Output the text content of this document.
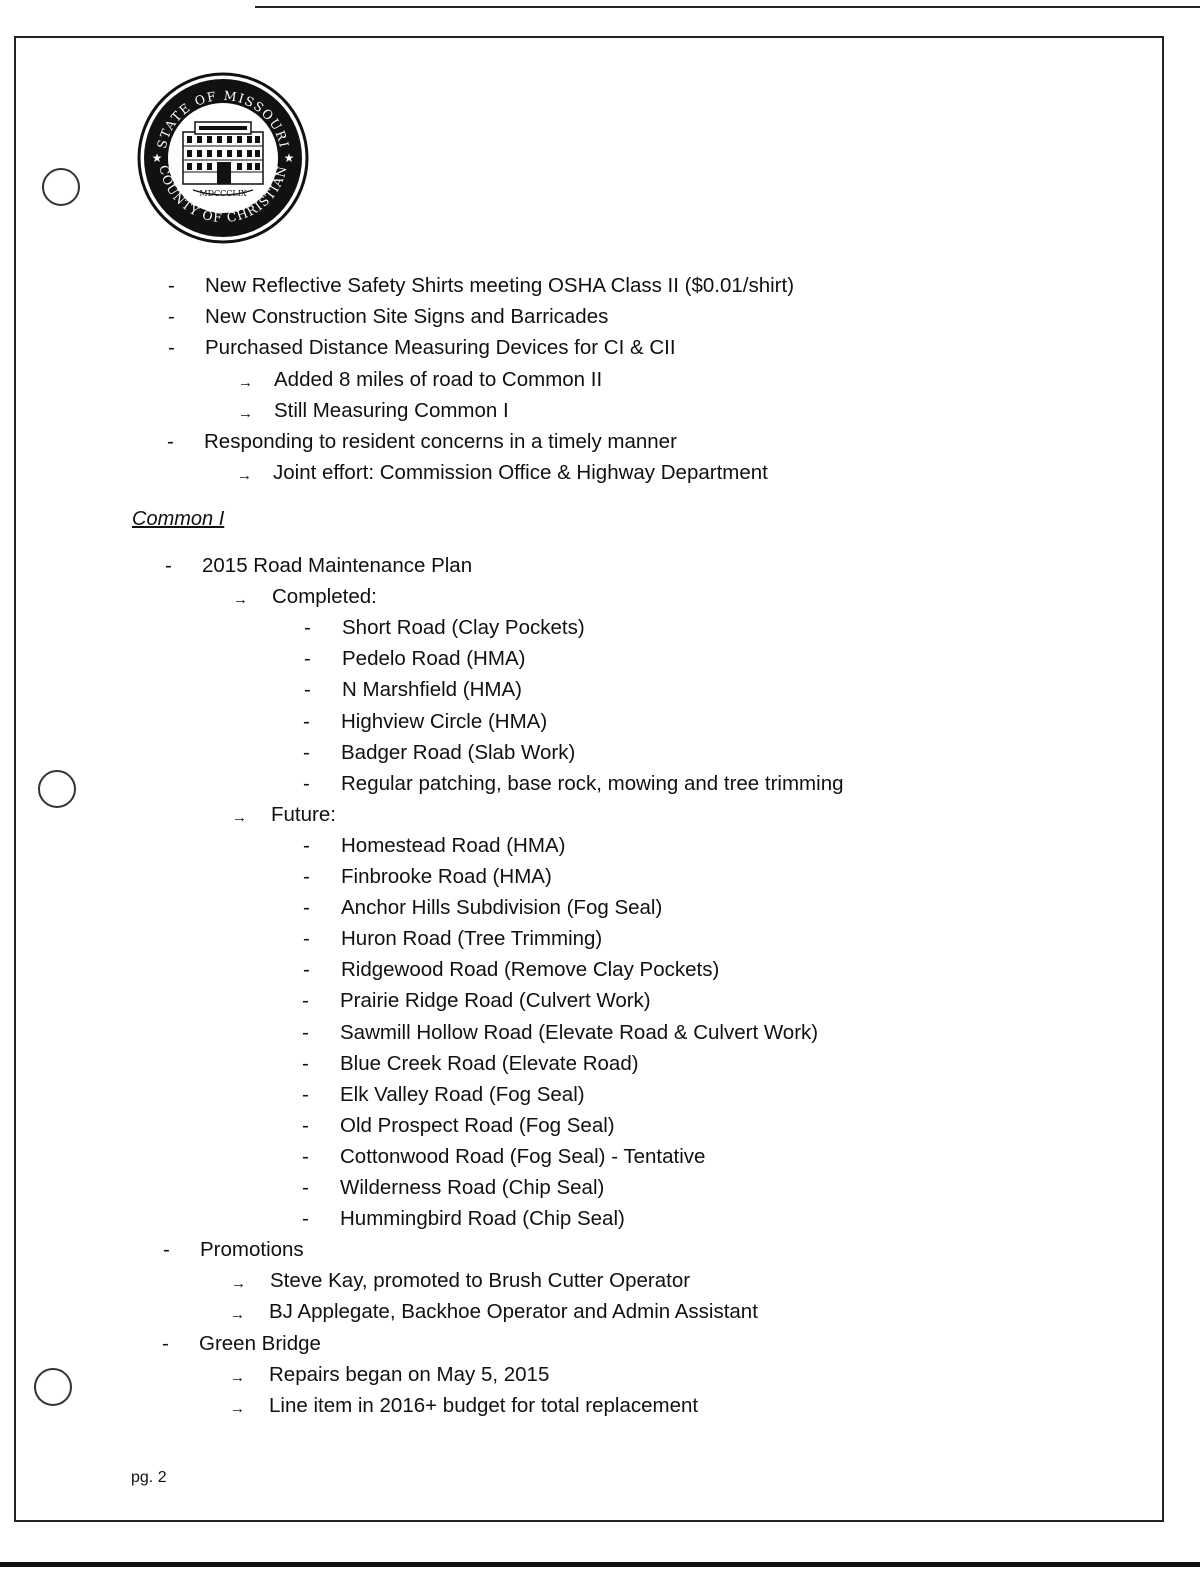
STATE OF MISSOURI
COUNTY OF CHRISTIAN
★	★
MDCCCLIX
- New Reflective Safety Shirts meeting OSHA Class II ($0.01/shirt)
- New Construction Site Signs and Barricades
- Purchased Distance Measuring Devices for CI & CII
→ Added 8 miles of road to Common II
→ Still Measuring Common I
- Responding to resident concerns in a timely manner
→ Joint effort: Commission Office & Highway Department
Common I
- 2015 Road Maintenance Plan
→ Completed:
- Short Road (Clay Pockets)
- Pedelo Road (HMA)
- N Marshfield (HMA)
- Highview Circle (HMA)
- Badger Road (Slab Work)
- Regular patching, base rock, mowing and tree trimming
→ Future:
- Homestead Road (HMA)
- Finbrooke Road (HMA)
- Anchor Hills Subdivision (Fog Seal)
- Huron Road (Tree Trimming)
- Ridgewood Road (Remove Clay Pockets)
- Prairie Ridge Road (Culvert Work)
- Sawmill Hollow Road (Elevate Road & Culvert Work)
- Blue Creek Road (Elevate Road)
- Elk Valley Road (Fog Seal)
- Old Prospect Road (Fog Seal)
- Cottonwood Road (Fog Seal) - Tentative
- Wilderness Road (Chip Seal)
- Hummingbird Road (Chip Seal)
- Promotions
→ Steve Kay, promoted to Brush Cutter Operator
→ BJ Applegate, Backhoe Operator and Admin Assistant
- Green Bridge
→ Repairs began on May 5, 2015
→ Line item in 2016+ budget for total replacement
pg. 2
